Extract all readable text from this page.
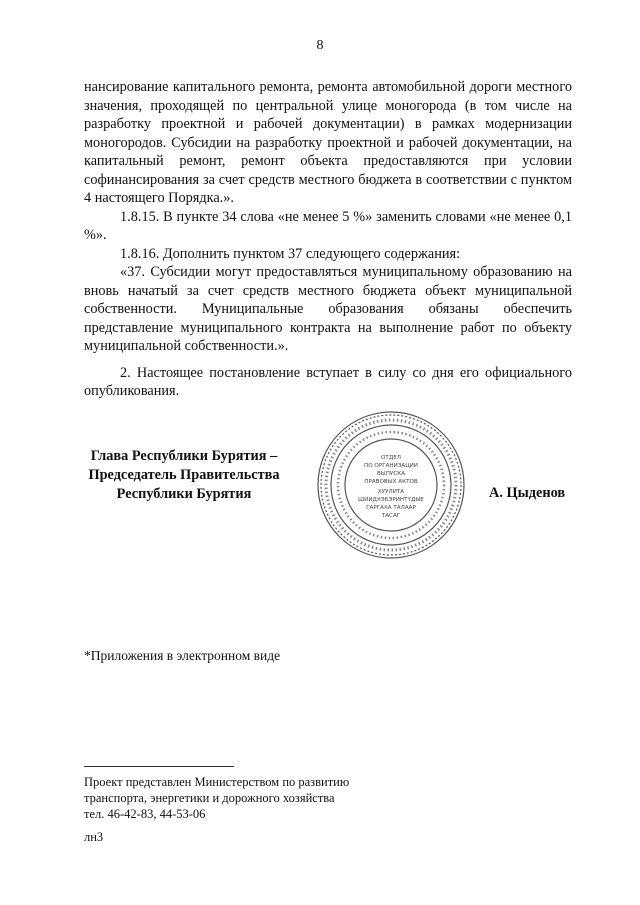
8

нансирование капитального ремонта, ремонта автомобильной дороги местного значения, проходящей по центральной улице моногорода (в том числе на разработку проектной и рабочей документации) в рамках модернизации моногородов. Субсидии на разработку проектной и рабочей документации, на капитальный ремонт, ремонт объекта предоставляются при условии софинансирования за счет средств местного бюджета в соответствии с пунктом 4 настоящего Порядка.».

1.8.15. В пункте 34 слова «не менее 5 %» заменить словами «не менее 0,1 %».

1.8.16. Дополнить пунктом 37 следующего содержания:

«37. Субсидии могут предоставляться муниципальному образованию на вновь начатый за счет средств местного бюджета объект муниципальной собственности. Муниципальные образования обязаны обеспечить представление муниципального контракта на выполнение работ по объекту муниципальной собственности.».

2. Настоящее постановление вступает в силу со дня его официального опубликования.

Глава Республики Бурятия –
Председатель Правительства
Республики Бурятия
ОТДЕЛ
ПО ОРГАНИЗАЦИИ
ВЫПУСКА
ПРАВОВЫХ АКТОВ
ХУУЛИТА
ШИИДХЭБЭРИНТҮДЫЕ
ГАРГАХА ТАЛААР
ТАСАГ
А. Цыденов
*Приложения в электронном виде
Проект представлен Министерством по развитию
транспорта, энергетики и дорожного хозяйства
тел. 46-42-83, 44-53-06
лн3
